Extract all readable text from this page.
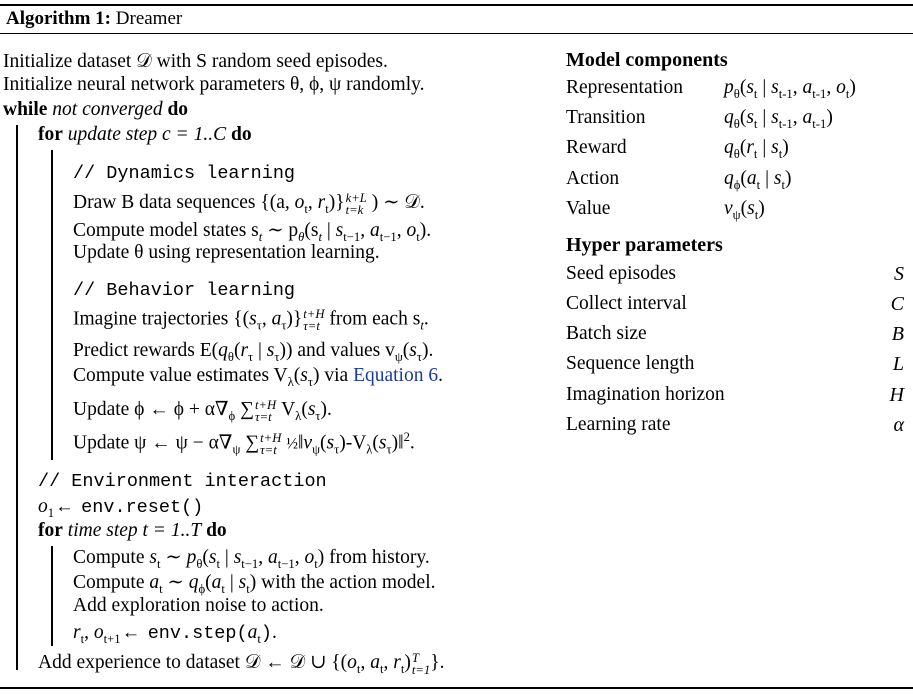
Algorithm 1: Dreamer
Initialize dataset 𝒟 with S random seed episodes.
Initialize neural network parameters θ, ϕ, ψ randomly.
while not converged do
for update step c = 1..C do
// Dynamics learning
Draw B data sequences {(a, $o_t$, $r_t)\}k+L$
t=k ) ∼ 𝒟.
Compute model states $s_t$ ∼ $p_\theta(s_t$ | $s_{t-1}$, $a_{t-1}$, $o_t$).
Update θ using representation learning.
// Behavior learning
Imagine trajectories {($s_\tau$, $a_\tau)\}t+H$
τ=t from each $s_t$.
Predict rewards $E(q_\theta(r_\tau$ | $s_\tau$)) and values $v_\psi(s_\tau)$.
Compute value estimates $V_\lambda(s_\tau)$ via Equation 6.
Update ϕ ← $\phi + \alpha\nabla_\phi$ ∑t+H
τ=t $V_\lambda(s_\tau)$.
Update ψ ← $\psi - \alpha\nabla_\psi$ ∑t+H
τ=t $\frac{1}{2}‖v_\psi(s_\tau)-V_\lambda(s_\tau)‖^2$.
// Environment interaction
$o_1$ ← env.reset()
for time step t = 1..T do
Compute $s_t$ ∼ $p_\theta(s_t$ | $s_{t-1}$, $a_{t-1}$, $o_t$) from history.
Compute $a_t$ ∼ $q_\phi(a_t$ | $s_t$) with the action model.
Add exploration noise to action.
$r_t$, $o_{t+1}$ ← $env.step(a_t)$.
Add experience to dataset 𝒟 ← 𝒟 ∪ {($o_t$, $a_t$, $r_t)T$
t=1}.
Model components
Representation $p_\theta(s_t$ | $s_{t-1}$, $a_{t-1}$, $o_t$)
Transition	$q_\theta(s_t$ | $s_{t-1}$, $a_{t-1}$)
Reward	$q_\theta(r_t$ | $s_t$)
Action	$q_\phi(a_t$ | $s_t$)
Value	$v_\psi(s_t)$
Hyper parameters
Seed episodes	S
Collect interval	C
Batch size	B
Sequence length	L
Imagination horizon	H
Learning rate	α
